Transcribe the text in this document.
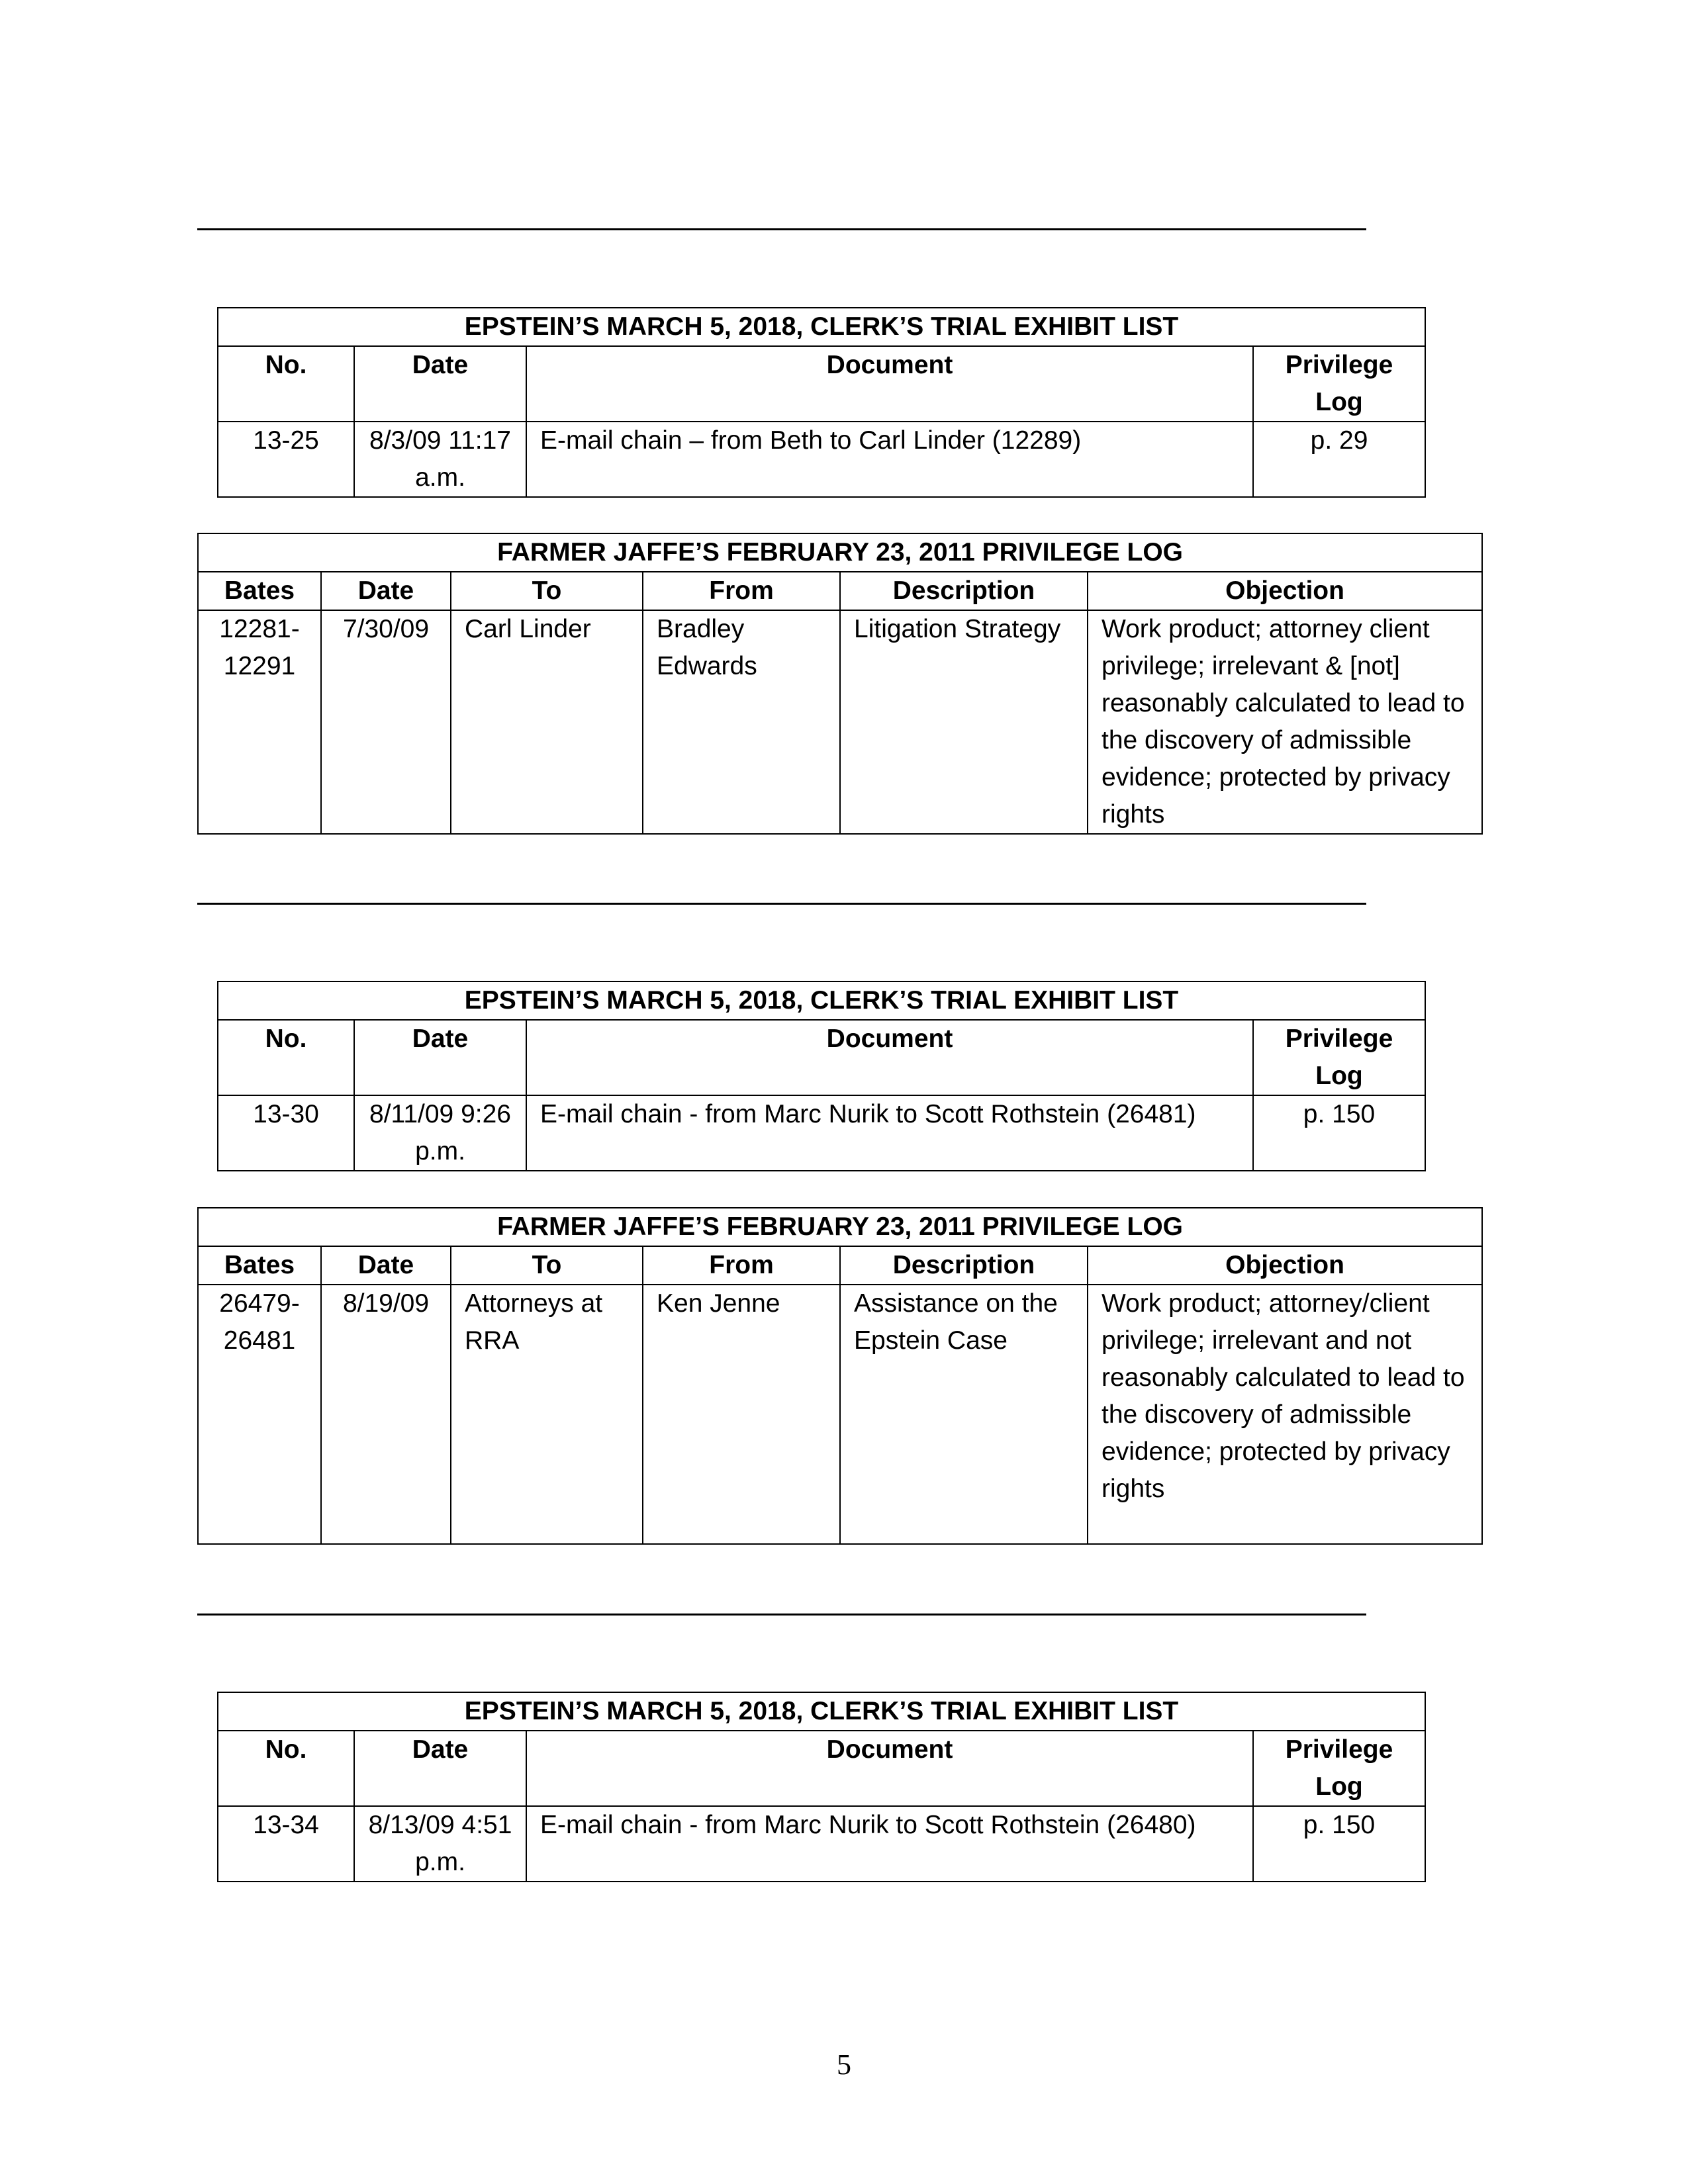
EPSTEIN’S MARCH 5, 2018, CLERK’S TRIAL EXHIBIT LIST			
No.	Date	Document	Privilege Log
13-25	8/3/09 11:17 a.m.	E-mail chain – from Beth to Carl Linder (12289)	p. 29
FARMER JAFFE’S FEBRUARY 23, 2011 PRIVILEGE LOG					
Bates	Date	To	From	Description	Objection
12281-12291	7/30/09	Carl Linder	Bradley Edwards	Litigation Strategy	Work product; attorney client privilege; irrelevant & [not] reasonably calculated to lead to the discovery of admissible evidence; protected by privacy rights
EPSTEIN’S MARCH 5, 2018, CLERK’S TRIAL EXHIBIT LIST			
No.	Date	Document	Privilege Log
13-30	8/11/09 9:26 p.m.	E-mail chain - from Marc Nurik to Scott Rothstein (26481)	p. 150
FARMER JAFFE’S FEBRUARY 23, 2011 PRIVILEGE LOG					
Bates	Date	To	From	Description	Objection
26479-26481	8/19/09	Attorneys at RRA	Ken Jenne	Assistance on the Epstein Case	Work product; attorney/client privilege; irrelevant and not reasonably calculated to lead to the discovery of admissible evidence; protected by privacy rights
EPSTEIN’S MARCH 5, 2018, CLERK’S TRIAL EXHIBIT LIST			
No.	Date	Document	Privilege Log
13-34	8/13/09 4:51 p.m.	E-mail chain - from Marc Nurik to Scott Rothstein (26480)	p. 150
5
